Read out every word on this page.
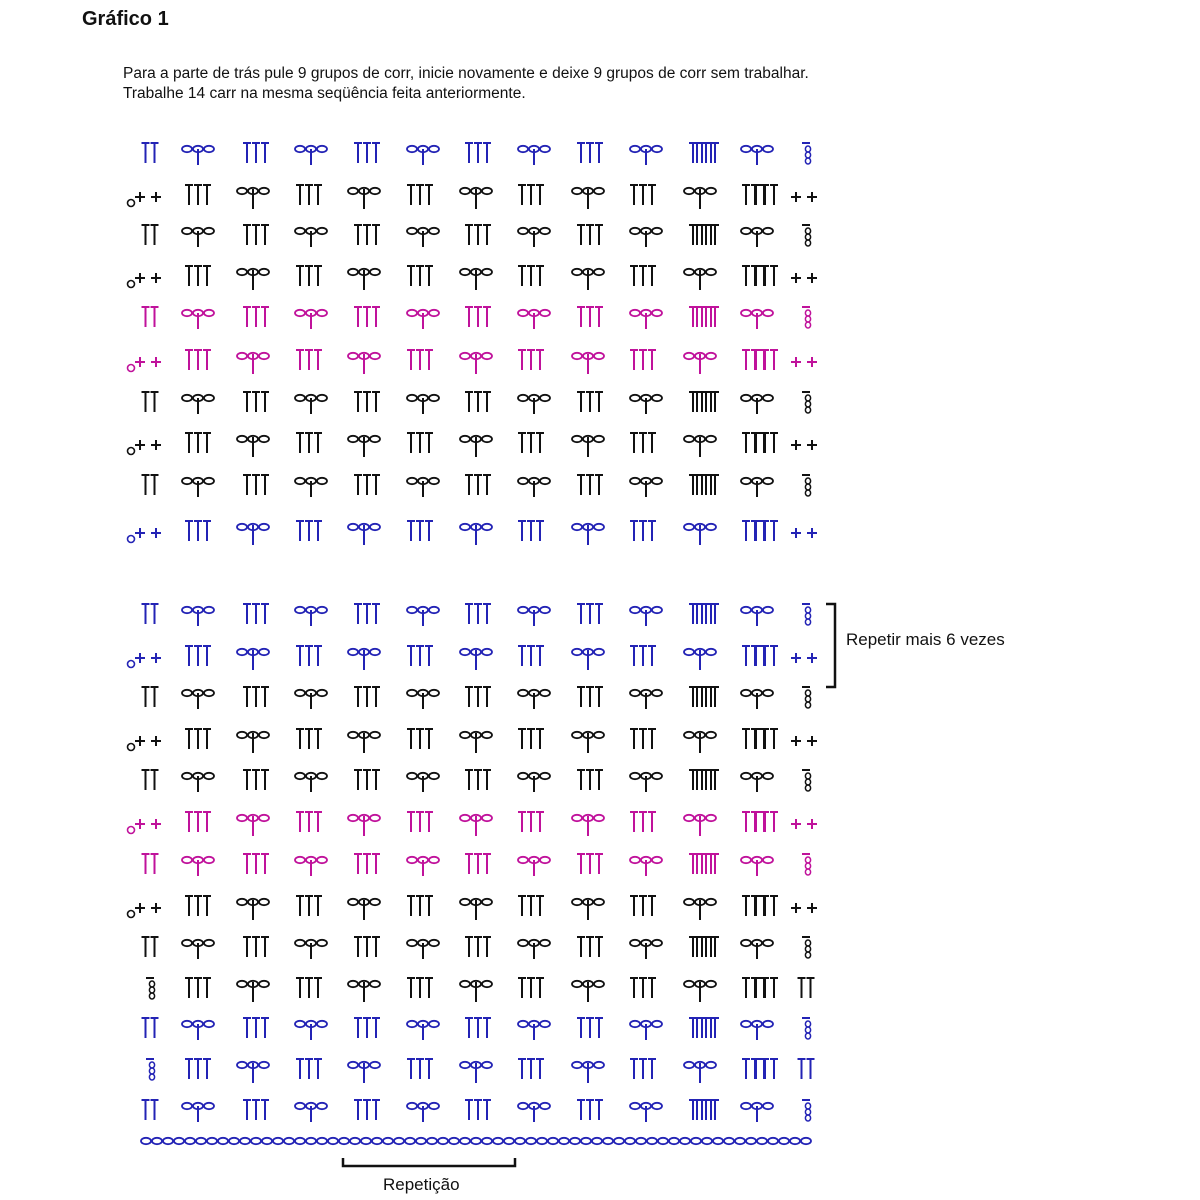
Gráfico 1
Para a parte de trás pule 9 grupos de corr, inicie novamente e deixe 9 grupos de corr sem trabalhar.
Trabalhe 14 carr na mesma seqüência feita anteriormente.
Repetir mais 6 vezes
Repetição
